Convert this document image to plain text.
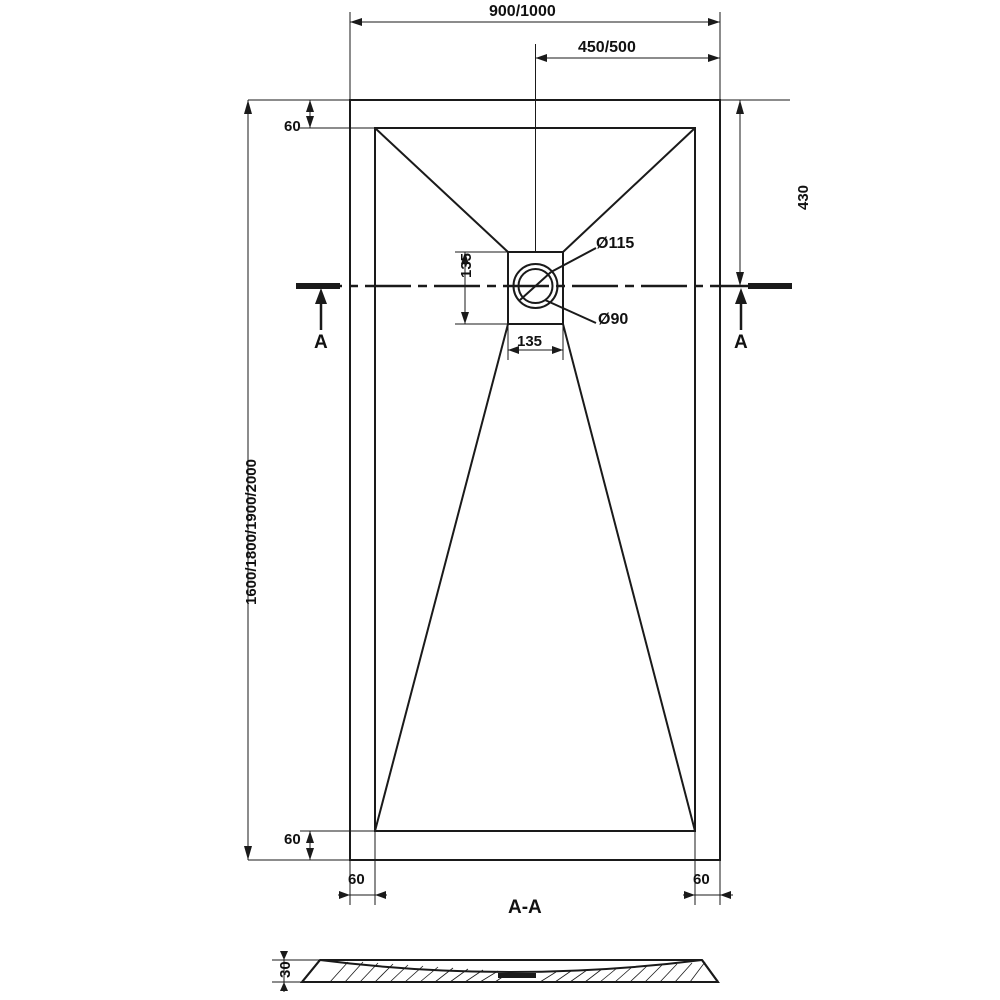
900/1000
450/500
60
430
1600/1800/1900/2000
135
135
Ø115
Ø90
60
60	60
A	A
A-A
30
